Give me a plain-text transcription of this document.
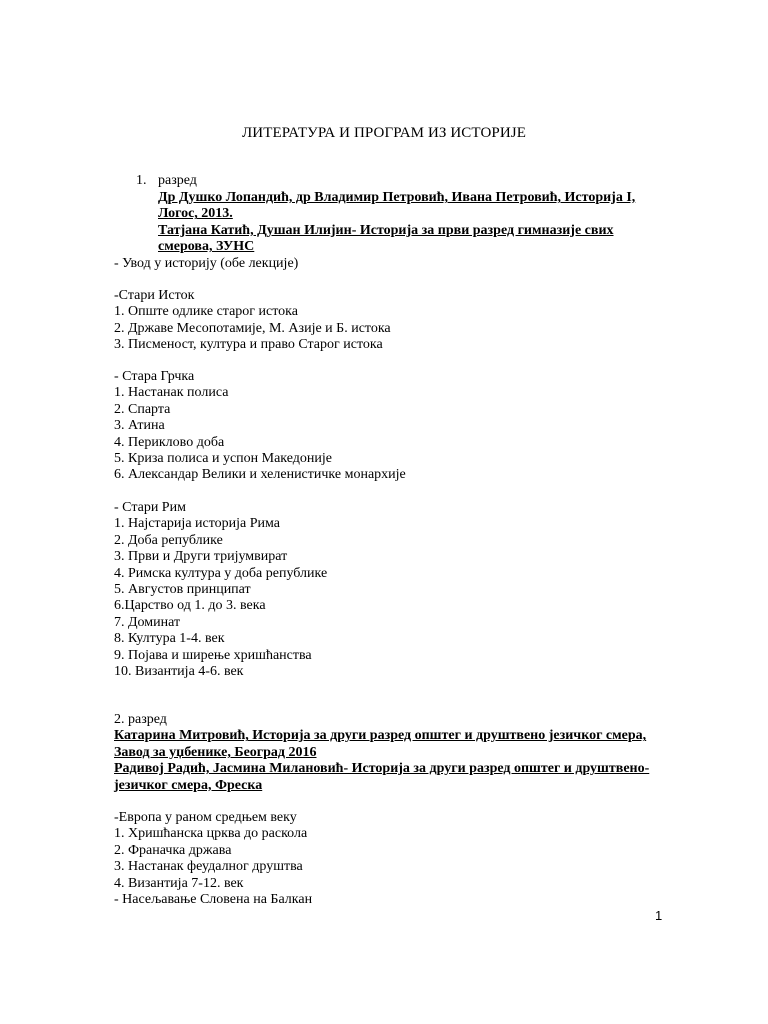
ЛИТЕРАТУРА И ПРОГРАМ ИЗ ИСТОРИЈЕ
1. разред
Др Душко Лопандић, др Владимир Петровић, Ивана Петровић, Историја I,
Логос, 2013.
Татјана Катић, Душан Илијин- Историја за први разред гимназије свих
смерова, ЗУНС
- Увод у историју (обе лекције)
-Стари Исток
1. Опште одлике старог истока
2. Државе Месопотамије, М. Азије и Б. истока
3. Писменост, култура и право Старог истока
- Стара Грчка
1. Настанак полиса
2. Спарта
3. Атина
4. Перикловo доба
5. Криза полиса и успон Македоније
6. Александар Велики и хеленистичке монархије
- Стари Рим
1. Најстарија историја Рима
2. Доба републике
3. Први и Други тријумвират
4. Римска култура у доба републике
5. Августов принципат
6.Царство од 1. до 3. века
7. Доминат
8. Култура 1-4. век
9. Појава и ширење хришћанства
10. Византија 4-6. век
2. разред
Катарина Митровић, Историја за други разред општег и друштвено језичког смера,
Завод за уџбенике, Београд 2016
Радивој Радић, Јасмина Милановић- Историја за други разред општег и друштвено-
језичког смера, Фреска
-Европа у раном средњем веку
1. Хришћанска црква до раскола
2. Франачка држава
3. Настанак феудалног друштва
4. Византија 7-12. век
- Насељавање Словена на Балкан
1
